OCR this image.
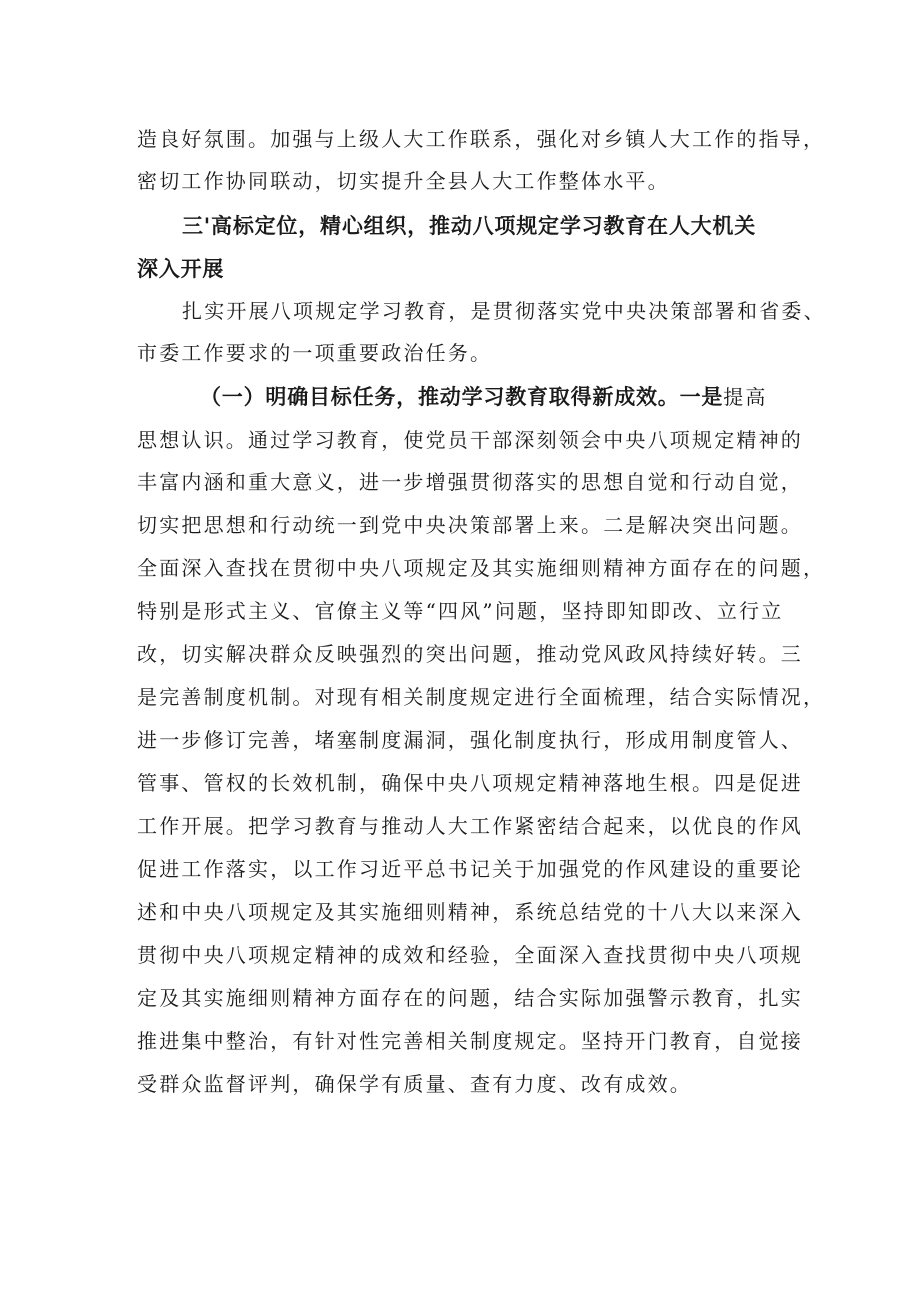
造良好氛围。加强与上级人大工作联系，强化对乡镇人大工作的指导，
密切工作协同联动，切实提升全县人大工作整体水平。
三'高标定位，精心组织，推动八项规定学习教育在人大机关
深入开展
扎实开展八项规定学习教育，是贯彻落实党中央决策部署和省委、
市委工作要求的一项重要政治任务。
（一）明确目标任务，推动学习教育取得新成效。一是提高
思想认识。通过学习教育，使党员干部深刻领会中央八项规定精神的
丰富内涵和重大意义，进一步增强贯彻落实的思想自觉和行动自觉，
切实把思想和行动统一到党中央决策部署上来。二是解决突出问题。
全面深入查找在贯彻中央八项规定及其实施细则精神方面存在的问题，
特别是形式主义、官僚主义等“四风”问题，坚持即知即改、立行立
改，切实解决群众反映强烈的突出问题，推动党风政风持续好转。三
是完善制度机制。对现有相关制度规定进行全面梳理，结合实际情况，
进一步修订完善，堵塞制度漏洞，强化制度执行，形成用制度管人、
管事、管权的长效机制，确保中央八项规定精神落地生根。四是促进
工作开展。把学习教育与推动人大工作紧密结合起来，以优良的作风
促进工作落实，以工作习近平总书记关于加强党的作风建设的重要论
述和中央八项规定及其实施细则精神，系统总结党的十八大以来深入
贯彻中央八项规定精神的成效和经验，全面深入查找贯彻中央八项规
定及其实施细则精神方面存在的问题，结合实际加强警示教育，扎实
推进集中整治，有针对性完善相关制度规定。坚持开门教育，自觉接
受群众监督评判，确保学有质量、查有力度、改有成效。
